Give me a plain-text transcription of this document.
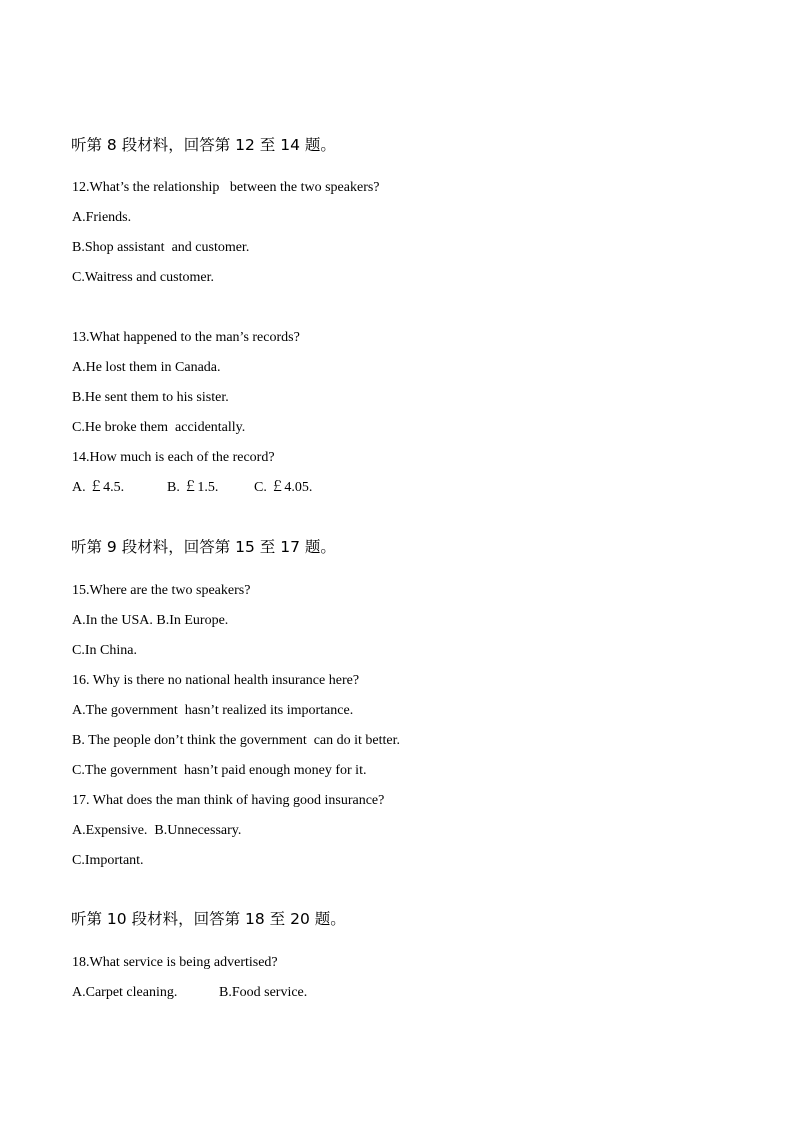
听第 8 段材料，回答第 12 至 14 题。
12.What’s the relationship   between the two speakers?
A.Friends.
B.Shop assistant  and customer.
C.Waitress and customer.
13.What happened to the man’s records?
A.He lost them in Canada.
B.He sent them to his sister.
C.He broke them  accidentally.
14.How much is each of the record?

A. ￡4.5.

	B. ￡1.5.

	C. ￡4.05.

听第 9 段材料，回答第 15 至 17 题。
15.Where are the two speakers?
A.In the USA. B.In Europe.
C.In China.
16. Why is there no national health insurance here?
A.The government  hasn’t realized its importance.
B. The people don’t think the government  can do it better.
C.The government  hasn’t paid enough money for it.
17. What does the man think of having good insurance?
A.Expensive.  B.Unnecessary.
C.Important.
听第 10 段材料，回答第 18 至 20 题。
18.What service is being advertised?

A.Carpet cleaning.

	B.Food service.
